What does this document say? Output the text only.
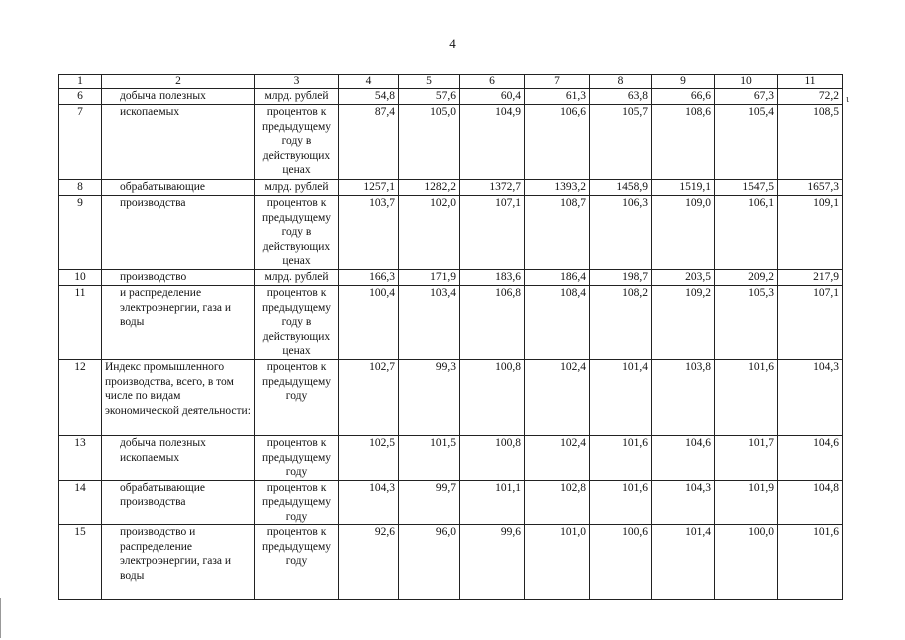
4
ι
1	2	3	4	5	6	7	8	9	10	11
6	добыча полезных	млрд. рублей	54,8	57,6	60,4	61,3	63,8	66,6	67,3	72,2
7	ископаемых	процентов к предыдущему году в действующих ценах	87,4	105,0	104,9	106,6	105,7	108,6	105,4	108,5
8	обрабатывающие	млрд. рублей	1257,1	1282,2	1372,7	1393,2	1458,9	1519,1	1547,5	1657,3
9	производства	процентов к предыдущему году в действующих ценах	103,7	102,0	107,1	108,7	106,3	109,0	106,1	109,1
10	производство	млрд. рублей	166,3	171,9	183,6	186,4	198,7	203,5	209,2	217,9
11	и распределение электроэнергии, газа и воды	процентов к предыдущему году в действующих ценах	100,4	103,4	106,8	108,4	108,2	109,2	105,3	107,1
12	Индекс промышленного производства, всего, в том числе по видам экономической деятельности:	процентов к предыдущему году	102,7	99,3	100,8	102,4	101,4	103,8	101,6	104,3
13	добыча полезных ископаемых	процентов к предыдущему году	102,5	101,5	100,8	102,4	101,6	104,6	101,7	104,6
14	обрабатывающие производства	процентов к предыдущему году	104,3	99,7	101,1	102,8	101,6	104,3	101,9	104,8
15	производство и распределение электроэнергии, газа и воды	процентов к предыдущему году	92,6	96,0	99,6	101,0	100,6	101,4	100,0	101,6
